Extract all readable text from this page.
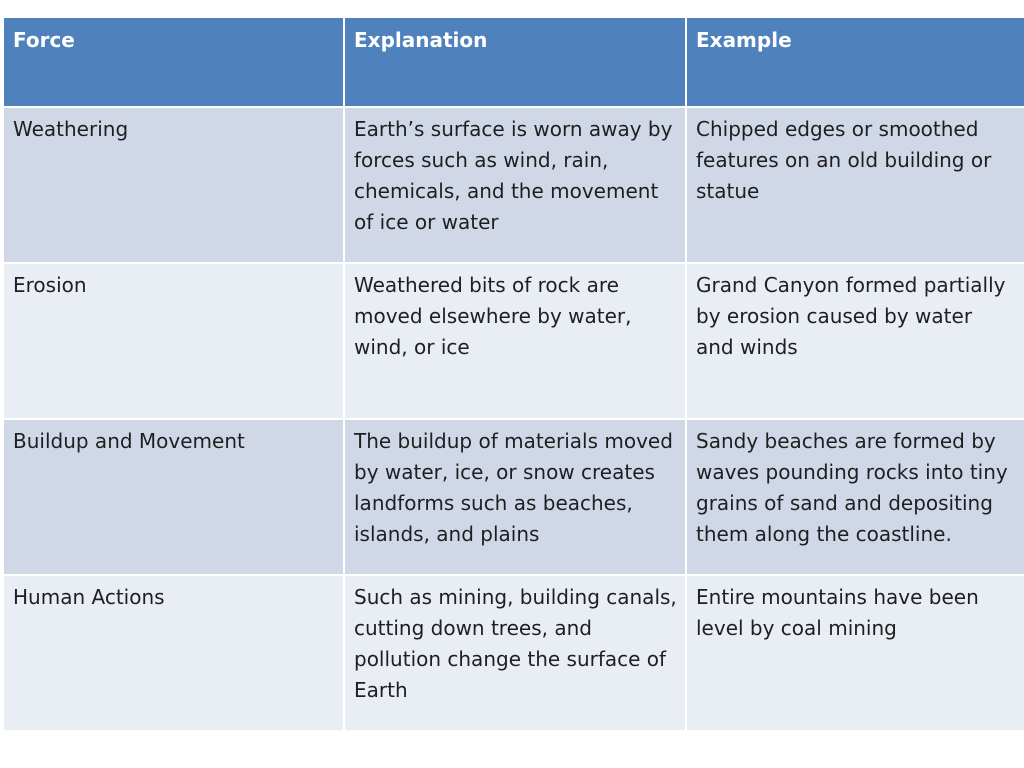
Force	Explanation	Example
Weathering	Earth’s surface is worn away by forces such as wind, rain, chemicals, and the movement of ice or water	Chipped edges or smoothed features on an old building or statue
Erosion	Weathered bits of rock are moved elsewhere by water, wind, or ice	Grand Canyon formed partially by erosion caused by water and winds
Buildup and Movement	The buildup of materials moved by water, ice, or snow creates landforms such as beaches, islands, and plains	Sandy beaches are formed by waves pounding rocks into tiny grains of sand and depositing them along the coastline.
Human Actions	Such as mining, building canals, cutting down trees, and pollution change the surface of Earth	Entire mountains have been level by coal mining
